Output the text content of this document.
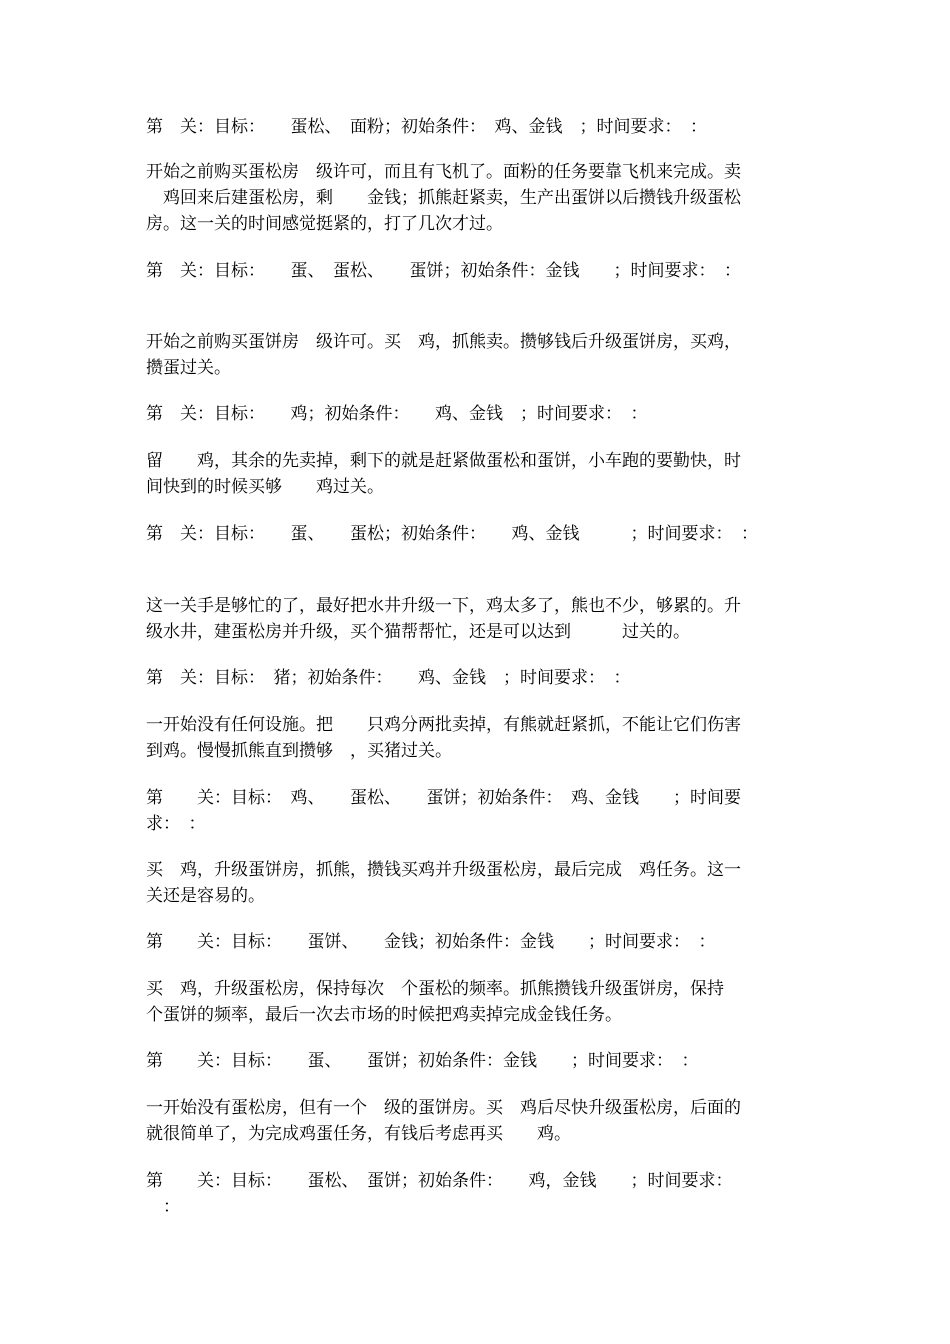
第　关：目标：　　蛋松、　面粉；初始条件：　鸡、金钱　；时间要求：　：

开始之前购买蛋松房　级许可，而且有飞机了。面粉的任务要靠飞机来完成。卖

　鸡回来后建蛋松房，剩　　金钱；抓熊赶紧卖，生产出蛋饼以后攒钱升级蛋松

房。这一关的时间感觉挺紧的，打了几次才过。

第　关：目标：　　蛋、　蛋松、　　蛋饼；初始条件：金钱　　；时间要求：　：

开始之前购买蛋饼房　级许可。买　鸡，抓熊卖。攒够钱后升级蛋饼房，买鸡，

攒蛋过关。

第　关：目标：　　鸡；初始条件：　　鸡、金钱　；时间要求：　：

留　　鸡，其余的先卖掉，剩下的就是赶紧做蛋松和蛋饼，小车跑的要勤快，时

间快到的时候买够　　鸡过关。

第　关：目标：　　蛋、　　蛋松；初始条件：　　鸡、金钱　　　；时间要求：　：

这一关手是够忙的了，最好把水井升级一下，鸡太多了，熊也不少，够累的。升

级水井，建蛋松房并升级，买个猫帮帮忙，还是可以达到　　　过关的。

第　关：目标：　猪；初始条件：　　鸡、金钱　；时间要求：　：

一开始没有任何设施。把　　只鸡分两批卖掉，有熊就赶紧抓，不能让它们伤害

到鸡。慢慢抓熊直到攒够　，买猪过关。

第　　关：目标：　鸡、　　蛋松、　　蛋饼；初始条件：　鸡、金钱　　；时间要

求：　：

买　鸡，升级蛋饼房，抓熊，攒钱买鸡并升级蛋松房，最后完成　鸡任务。这一

关还是容易的。

第　　关：目标：　　蛋饼、　　金钱；初始条件：金钱　　；时间要求：　：

买　鸡，升级蛋松房，保持每次　个蛋松的频率。抓熊攒钱升级蛋饼房，保持

个蛋饼的频率，最后一次去市场的时候把鸡卖掉完成金钱任务。

第　　关：目标：　　蛋、　　蛋饼；初始条件：金钱　　；时间要求：　：

一开始没有蛋松房，但有一个　级的蛋饼房。买　鸡后尽快升级蛋松房，后面的

就很简单了，为完成鸡蛋任务，有钱后考虑再买　　鸡。

第　　关：目标：　　蛋松、　蛋饼；初始条件：　　鸡，金钱　　；时间要求：

　：
